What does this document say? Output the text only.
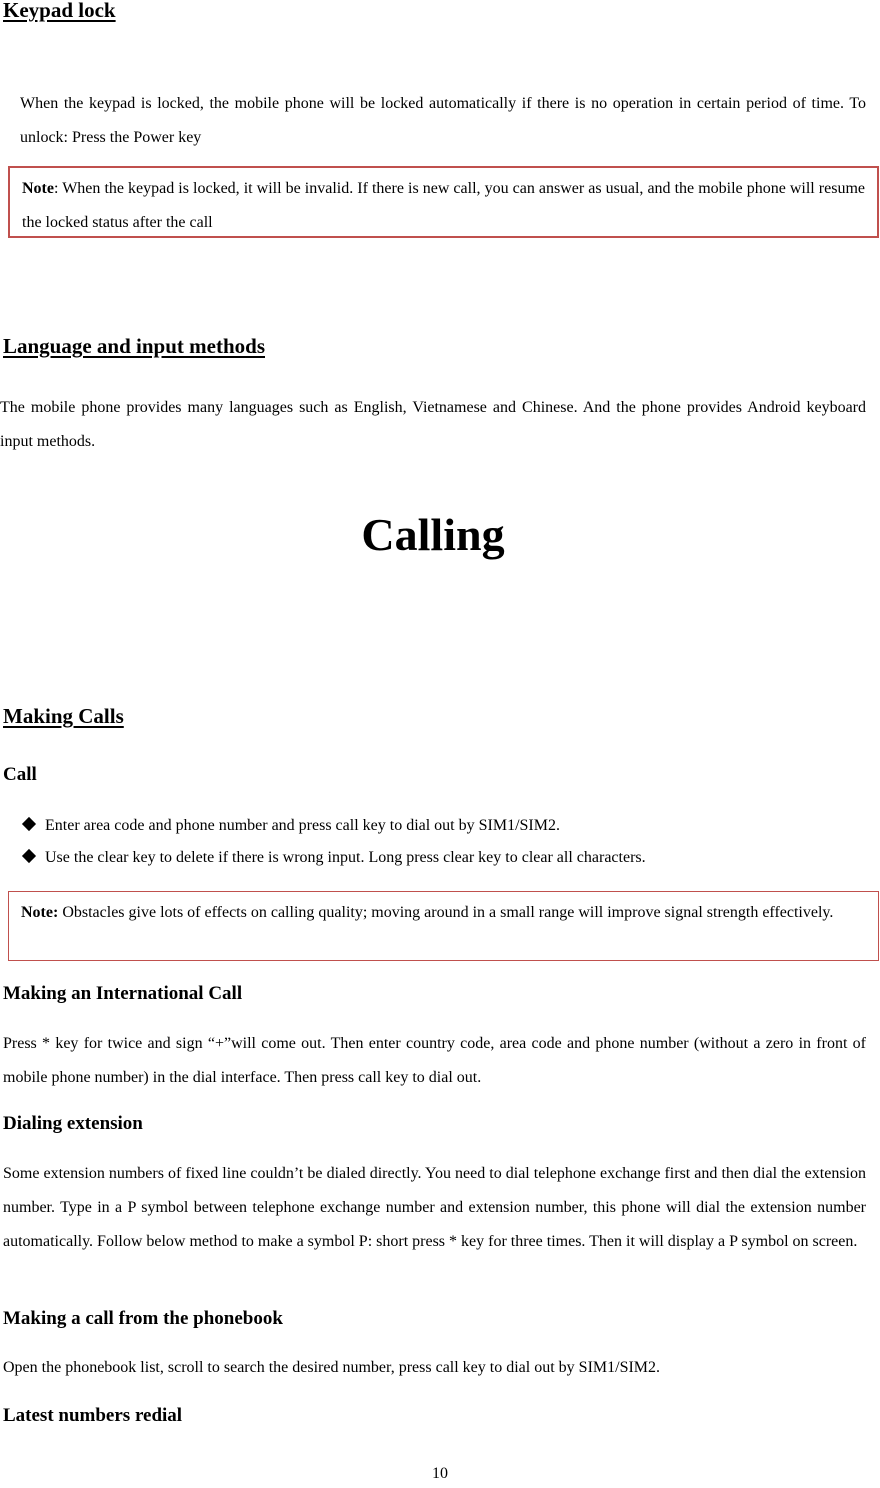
Keypad lock
When the keypad is locked, the mobile phone will be locked automatically if there is no operation in certain period of time. To unlock: Press the Power key
Note: When the keypad is locked, it will be invalid. If there is new call, you can answer as usual, and the mobile phone will resume the locked status after the call
Language and input methods
The mobile phone provides many languages such as English, Vietnamese and Chinese. And the phone provides Android keyboard input methods.
Calling
Making Calls
Call
Enter area code and phone number and press call key to dial out by SIM1/SIM2.
Use the clear key to delete if there is wrong input. Long press clear key to clear all characters.
Note: Obstacles give lots of effects on calling quality; moving around in a small range will improve signal strength effectively.
Making an International Call
Press * key for twice and sign “+”will come out. Then enter country code, area code and phone number (without a zero in front of mobile phone number) in the dial interface. Then press call key to dial out.
Dialing extension
Some extension numbers of fixed line couldn’t be dialed directly. You need to dial telephone exchange first and then dial the extension number. Type in a P symbol between telephone exchange number and extension number, this phone will dial the extension number automatically. Follow below method to make a symbol P: short press * key for three times. Then it will display a P symbol on screen.
Making a call from the phonebook
Open the phonebook list, scroll to search the desired number, press call key to dial out by SIM1/SIM2.
Latest numbers redial
10
